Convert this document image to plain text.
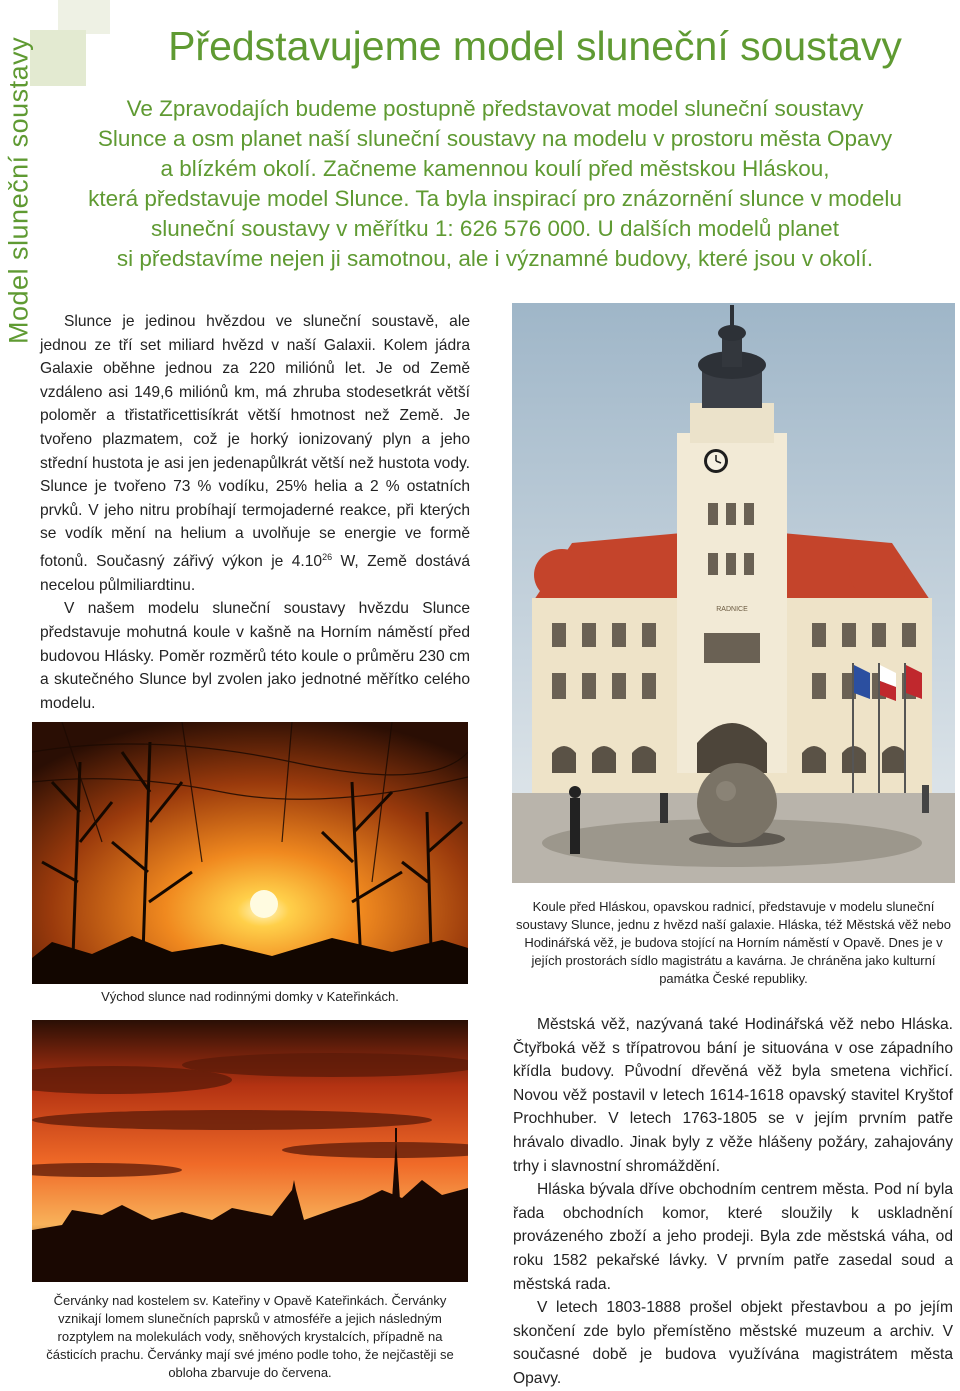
Model sluneční soustavy	Představujeme model sluneční soustavy
Ve Zpravodajích budeme postupně představovat model sluneční soustavy
Slunce a osm planet naší sluneční soustavy na modelu v prostoru města Opavy
a blízkém okolí. Začneme kamennou koulí před městskou Hláskou,
která představuje model Slunce. Ta byla inspirací pro znázornění slunce v modelu
sluneční soustavy v měřítku 1: 626 576 000. U dalších modelů planet
si představíme nejen ji samotnou, ale i významné budovy, které jsou v okolí.

Slunce je jedinou hvězdou ve sluneční soustavě, ale jednou ze tří set miliard hvězd v naší Galaxii. Kolem jádra Galaxie oběhne jednou za 220 miliónů let. Je od Země vzdáleno asi 149,6 miliónů km, má zhruba stodesetkrát větší poloměr a třistatřicettisíkrát větší hmotnost než Země. Je tvořeno plazmatem, což je horký ionizovaný plyn a jeho střední hustota je asi jen jedenapůlkrát větší než hustota vody. Slunce je tvořeno 73 % vodíku, 25% helia a 2 % ostatních prvků. V jeho nitru probíhají termojaderné reakce, při kterých se vodík mění na helium a uvolňuje se energie ve formě fotonů. Současný zářivý výkon je 4.10$^{26}$ W, Země dostává necelou půlmiliardtinu.

V našem modelu sluneční soustavy hvězdu Slunce představuje mohutná koule v kašně na Horním náměstí před budovou Hlásky. Poměr rozměrů této koule o průměru 230 cm a skutečného Slunce byl zvolen jako jednotné měřítko celého modelu.

Východ slunce nad rodinnými domky v Kateřinkách.
Červánky nad kostelem sv. Kateřiny v Opavě Kateřinkách. Červánky vznikají lomem slunečních paprsků v atmosféře a jejich následným rozptylem na molekulách vody, sněhových krystalcích, případně na částicích prachu. Červánky mají své jméno podle toho, že nejčastěji se obloha zbarvuje do červena.
RADNICE
Koule před Hláskou, opavskou radnicí, představuje v modelu sluneční soustavy Slunce, jednu z hvězd naší galaxie. Hláska, též Městská věž nebo Hodinářská věž, je budova stojící na Horním náměstí v Opavě. Dnes je v jejích prostorách sídlo magistrátu a kavárna. Je chráněna jako kulturní památka České republiky.

Městská věž, nazývaná také Hodinářská věž nebo Hláska. Čtyřboká věž s třípatrovou bání je situována v ose západního křídla budovy. Původní dřevěná věž byla smetena vichřicí. Novou věž postavil v letech 1614-1618 opavský stavitel Kryštof Prochhuber. V letech 1763-1805 se v jejím prvním patře hrávalo divadlo. Jinak byly z věže hlášeny požáry, zahajovány trhy i slavnostní shromáždění.

Hláska bývala dříve obchodním centrem města. Pod ní byla řada obchodních komor, které sloužily k uskladnění provázeného zboží a jeho prodeji. Byla zde městská váha, od roku 1582 pekařské lávky. V prvním patře zasedal soud a městská rada.

V letech 1803-1888 prošel objekt přestavbou a po jejím skončení zde bylo přemístěno městské muzeum a archiv. V současné době je budova využívána magistrátem města Opavy.
